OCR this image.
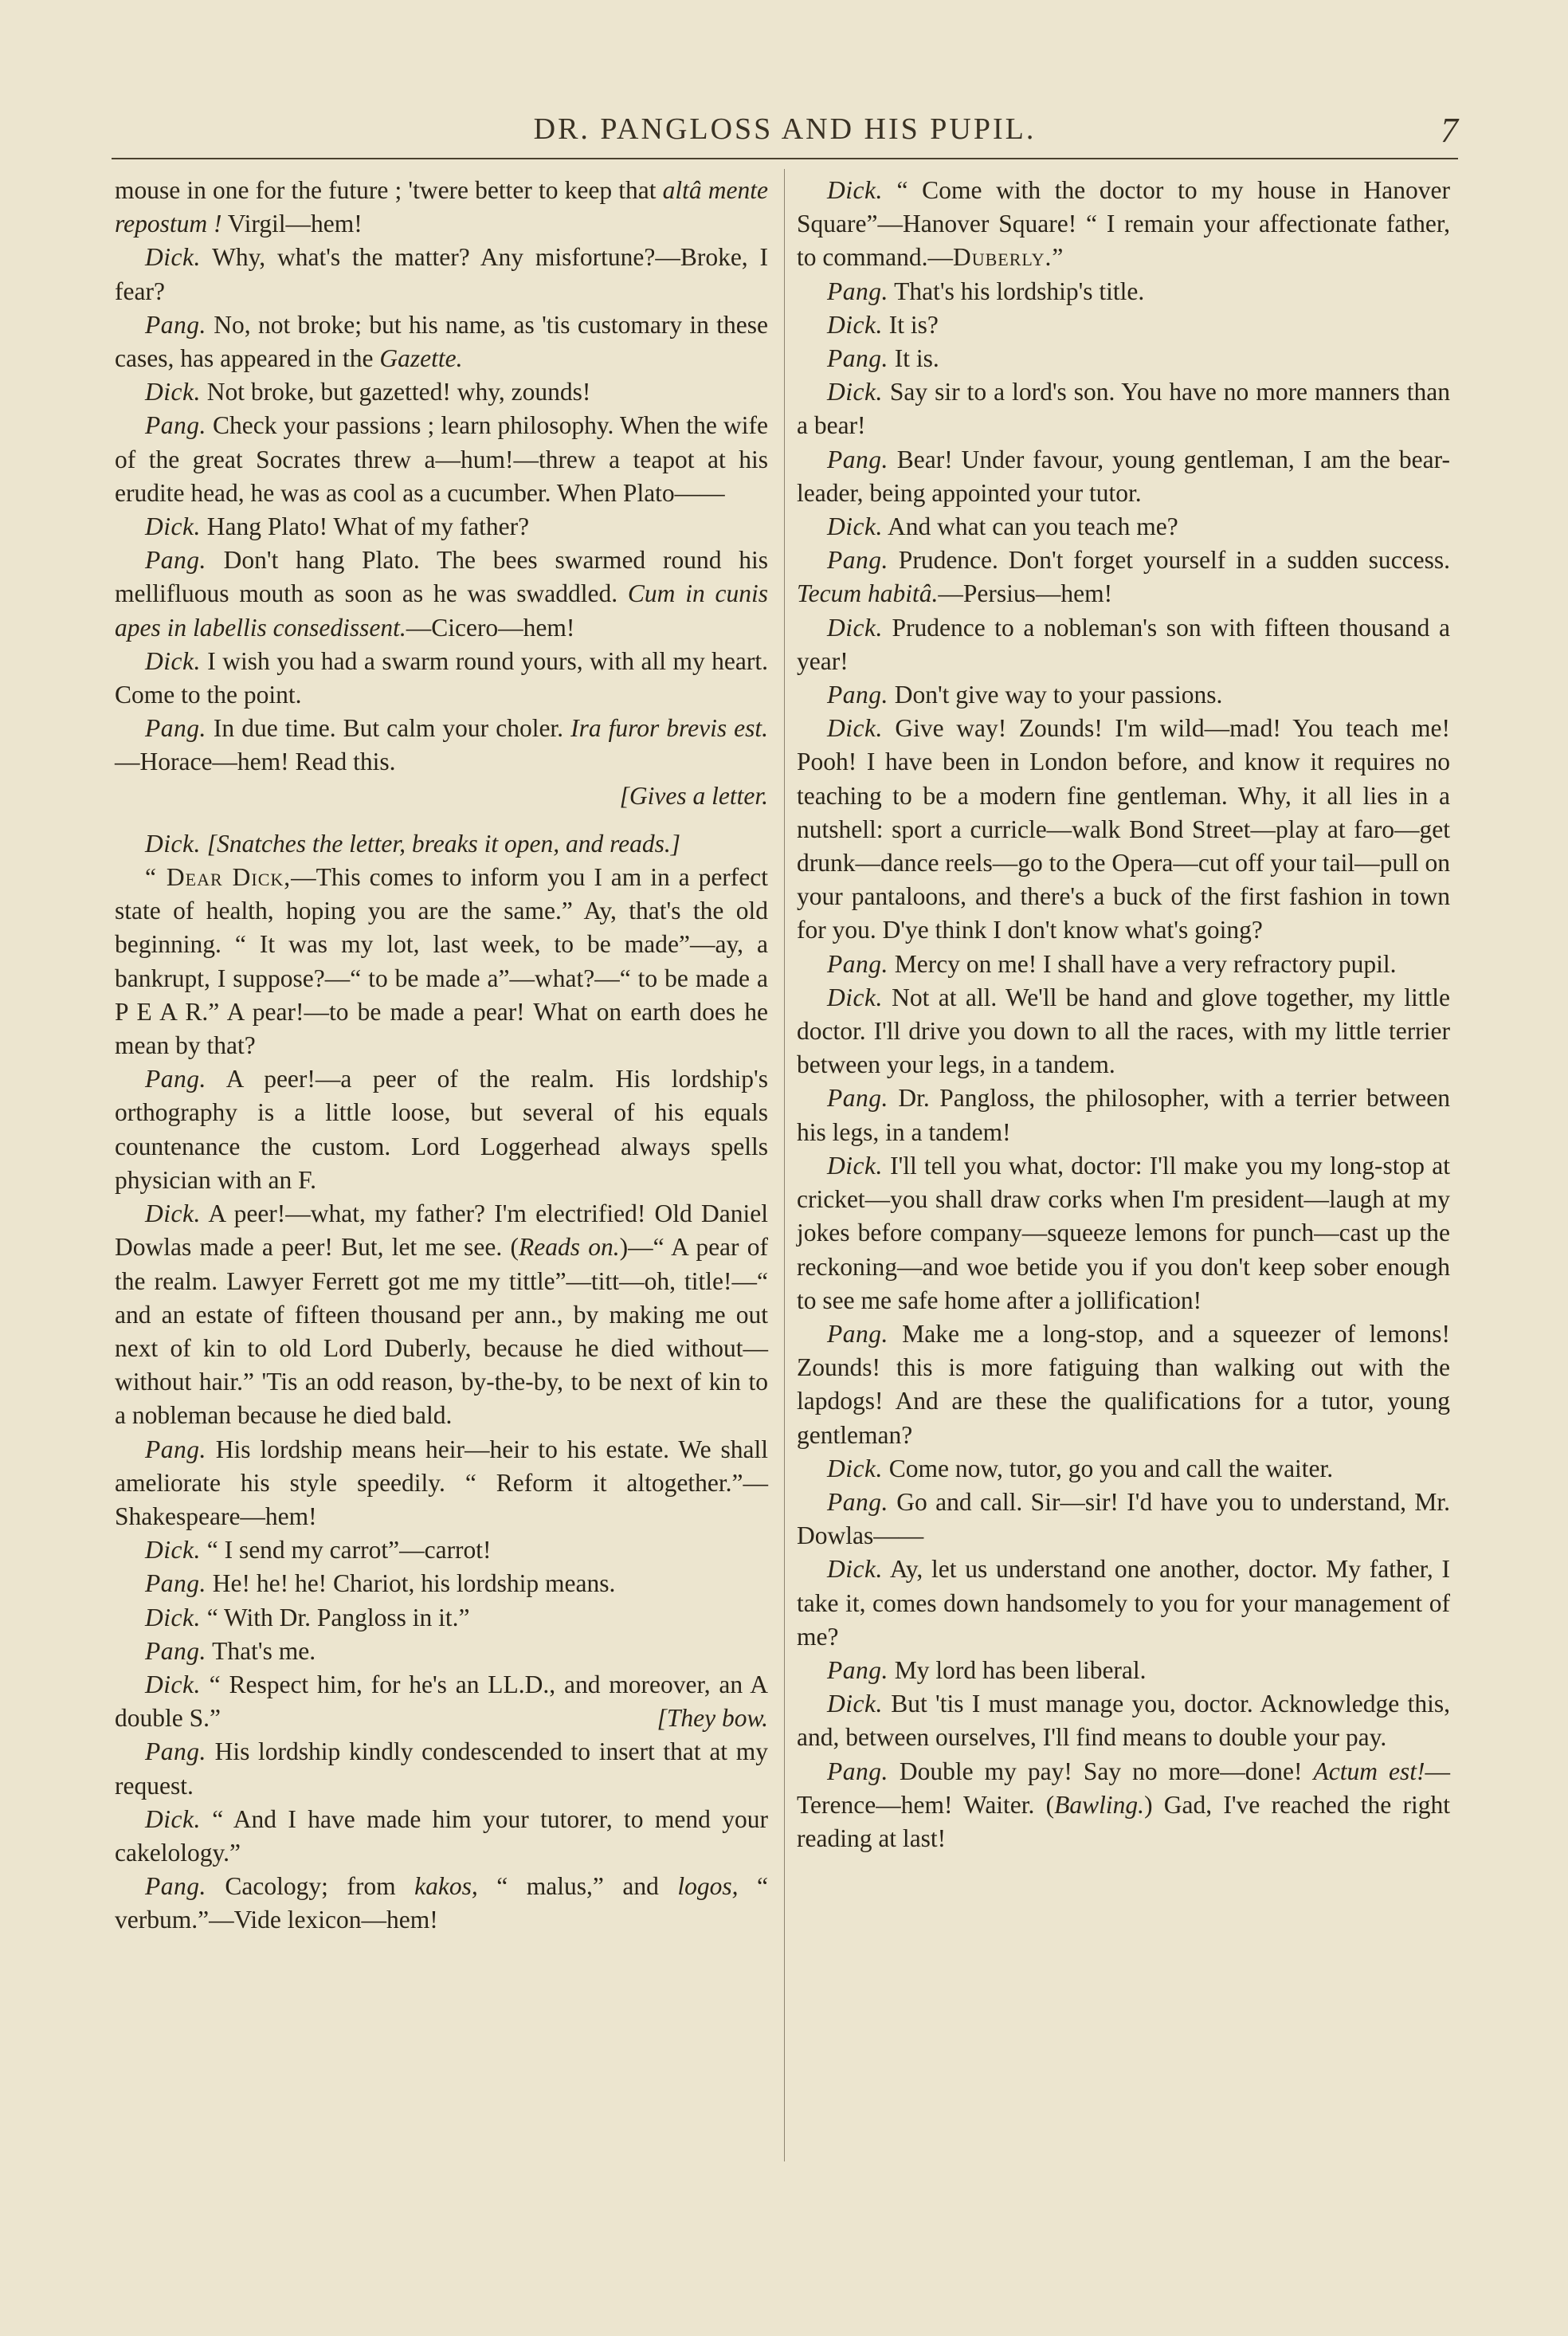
DR. PANGLOSS AND HIS PUPIL.	7

mouse in one for the future ; 'twere better to keep that altâ mente repostum ! Virgil—hem!

Dick. Why, what's the matter? Any misfortune?—Broke, I fear?

Pang. No, not broke; but his name, as 'tis customary in these cases, has appeared in the Gazette.

Dick. Not broke, but gazetted! why, zounds!

Pang. Check your passions ; learn philosophy. When the wife of the great Socrates threw a—hum!—threw a teapot at his erudite head, he was as cool as a cucumber. When Plato——

Dick. Hang Plato! What of my father?

Pang. Don't hang Plato. The bees swarmed round his mellifluous mouth as soon as he was swaddled. Cum in cunis apes in labellis consedissent.—Cicero—hem!

Dick. I wish you had a swarm round yours, with all my heart. Come to the point.

Pang. In due time. But calm your choler. Ira furor brevis est.—Horace—hem! Read this.
[Gives a letter.

Dick. [Snatches the letter, breaks it open, and reads.]

“ Dear Dick,—This comes to inform you I am in a perfect state of health, hoping you are the same.” Ay, that's the old beginning. “ It was my lot, last week, to be made”—ay, a bankrupt, I suppose?—“ to be made a”—what?—“ to be made a P E A R.” A pear!—to be made a pear! What on earth does he mean by that?

Pang. A peer!—a peer of the realm. His lordship's orthography is a little loose, but several of his equals countenance the custom. Lord Loggerhead always spells physician with an F.

Dick. A peer!—what, my father? I'm electrified! Old Daniel Dowlas made a peer! But, let me see. (Reads on.)—“ A pear of the realm. Lawyer Ferrett got me my tittle”—titt—oh, title!—“ and an estate of fifteen thousand per ann., by making me out next of kin to old Lord Duberly, because he died without—without hair.” 'Tis an odd reason, by-the-by, to be next of kin to a nobleman because he died bald.

Pang. His lordship means heir—heir to his estate. We shall ameliorate his style speedily. “ Reform it altogether.”—Shakespeare—hem!

Dick. “ I send my carrot”—carrot!

Pang. He! he! he! Chariot, his lordship means.

Dick. “ With Dr. Pangloss in it.”

Pang. That's me.

Dick. “ Respect him, for he's an LL.D., and moreover, an A double S.”	[They bow.

Pang. His lordship kindly condescended to insert that at my request.

Dick. “ And I have made him your tutorer, to mend your cakelology.”

Pang. Cacology; from kakos, “ malus,” and logos, “ verbum.”—Vide lexicon—hem!

Dick. “ Come with the doctor to my house in Hanover Square”—Hanover Square! “ I remain your affectionate father, to command.—Duberly.”

Pang. That's his lordship's title.

Dick. It is?

Pang. It is.

Dick. Say sir to a lord's son. You have no more manners than a bear!

Pang. Bear! Under favour, young gentleman, I am the bear-leader, being appointed your tutor.

Dick. And what can you teach me?

Pang. Prudence. Don't forget yourself in a sudden success. Tecum habitâ.—Persius—hem!

Dick. Prudence to a nobleman's son with fifteen thousand a year!

Pang. Don't give way to your passions.

Dick. Give way! Zounds! I'm wild—mad! You teach me! Pooh! I have been in London before, and know it requires no teaching to be a modern fine gentleman. Why, it all lies in a nutshell: sport a curricle—walk Bond Street—play at faro—get drunk—dance reels—go to the Opera—cut off your tail—pull on your pantaloons, and there's a buck of the first fashion in town for you. D'ye think I don't know what's going?

Pang. Mercy on me! I shall have a very refractory pupil.

Dick. Not at all. We'll be hand and glove together, my little doctor. I'll drive you down to all the races, with my little terrier between your legs, in a tandem.

Pang. Dr. Pangloss, the philosopher, with a terrier between his legs, in a tandem!

Dick. I'll tell you what, doctor: I'll make you my long-stop at cricket—you shall draw corks when I'm president—laugh at my jokes before company—squeeze lemons for punch—cast up the reckoning—and woe betide you if you don't keep sober enough to see me safe home after a jollification!

Pang. Make me a long-stop, and a squeezer of lemons! Zounds! this is more fatiguing than walking out with the lapdogs! And are these the qualifications for a tutor, young gentleman?

Dick. Come now, tutor, go you and call the waiter.

Pang. Go and call. Sir—sir! I'd have you to understand, Mr. Dowlas——

Dick. Ay, let us understand one another, doctor. My father, I take it, comes down handsomely to you for your management of me?

Pang. My lord has been liberal.

Dick. But 'tis I must manage you, doctor. Acknowledge this, and, between ourselves, I'll find means to double your pay.

Pang. Double my pay! Say no more—done! Actum est!—Terence—hem! Waiter. (Bawling.) Gad, I've reached the right reading at last!
